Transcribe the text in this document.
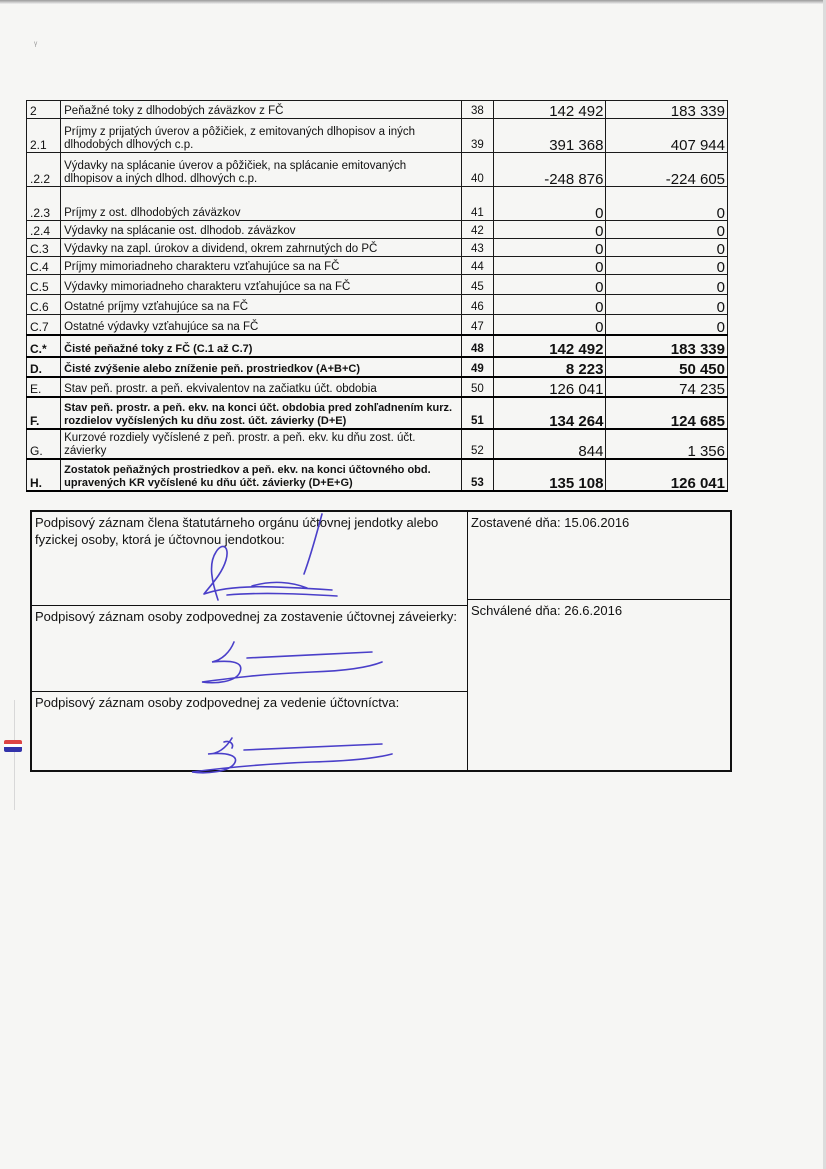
ᵞ
2	Peňažné toky z dlhodobých záväzkov z FČ	38	142 492	183 339
2.1	Príjmy z prijatých úverov a pôžičiek, z emitovaných dlhopisov a iných dlhodobých dlhových c.p.	39	391 368	407 944
.2.2	Výdavky na splácanie úverov a pôžičiek, na splácanie emitovaných dlhopisov a iných dlhod. dlhových c.p.	40	-248 876	-224 605
.2.3	Príjmy z ost. dlhodobých záväzkov	41	0	0
.2.4	Výdavky na splácanie ost. dlhodob. záväzkov	42	0	0
C.3	Výdavky na zapl. úrokov a dividend, okrem zahrnutých do PČ	43	0	0
C.4	Príjmy mimoriadneho charakteru vzťahujúce sa na FČ	44	0	0
C.5	Výdavky mimoriadneho charakteru vzťahujúce sa na FČ	45	0	0
C.6	Ostatné príjmy vzťahujúce sa na FČ	46	0	0
C.7	Ostatné výdavky vzťahujúce sa na FČ	47	0	0
C.*	Čisté peňažné toky z FČ (C.1 až C.7)	48	142 492	183 339
D.	Čisté zvýšenie alebo zníženie peň. prostriedkov (A+B+C)	49	8 223	50 450
E.	Stav peň. prostr. a peň. ekvivalentov na začiatku účt. obdobia	50	126 041	74 235
F.	Stav peň. prostr. a peň. ekv. na konci účt. obdobia pred zohľadnením kurz. rozdielov vyčíslených ku dňu zost. účt. závierky (D+E)	51	134 264	124 685
G.	Kurzové rozdiely vyčíslené z peň. prostr. a peň. ekv. ku dňu zost. účt. závierky	52	844	1 356
H.	Zostatok peňažných prostriedkov a peň. ekv. na konci účtovného obd. upravených KR vyčíslené ku dňu účt. závierky (D+E+G)	53	135 108	126 041
Podpisový záznam člena štatutárneho orgánu účtovnej jendotky alebo fyzickej osoby, ktorá je účtovnou jendotkou:
Zostavené dňa: 15.06.2016
Podpisový záznam osoby zodpovednej za zostavenie účtovnej záveierky:	Schválené dňa: 26.6.2016
Podpisový záznam osoby zodpovednej za vedenie účtovníctva:
